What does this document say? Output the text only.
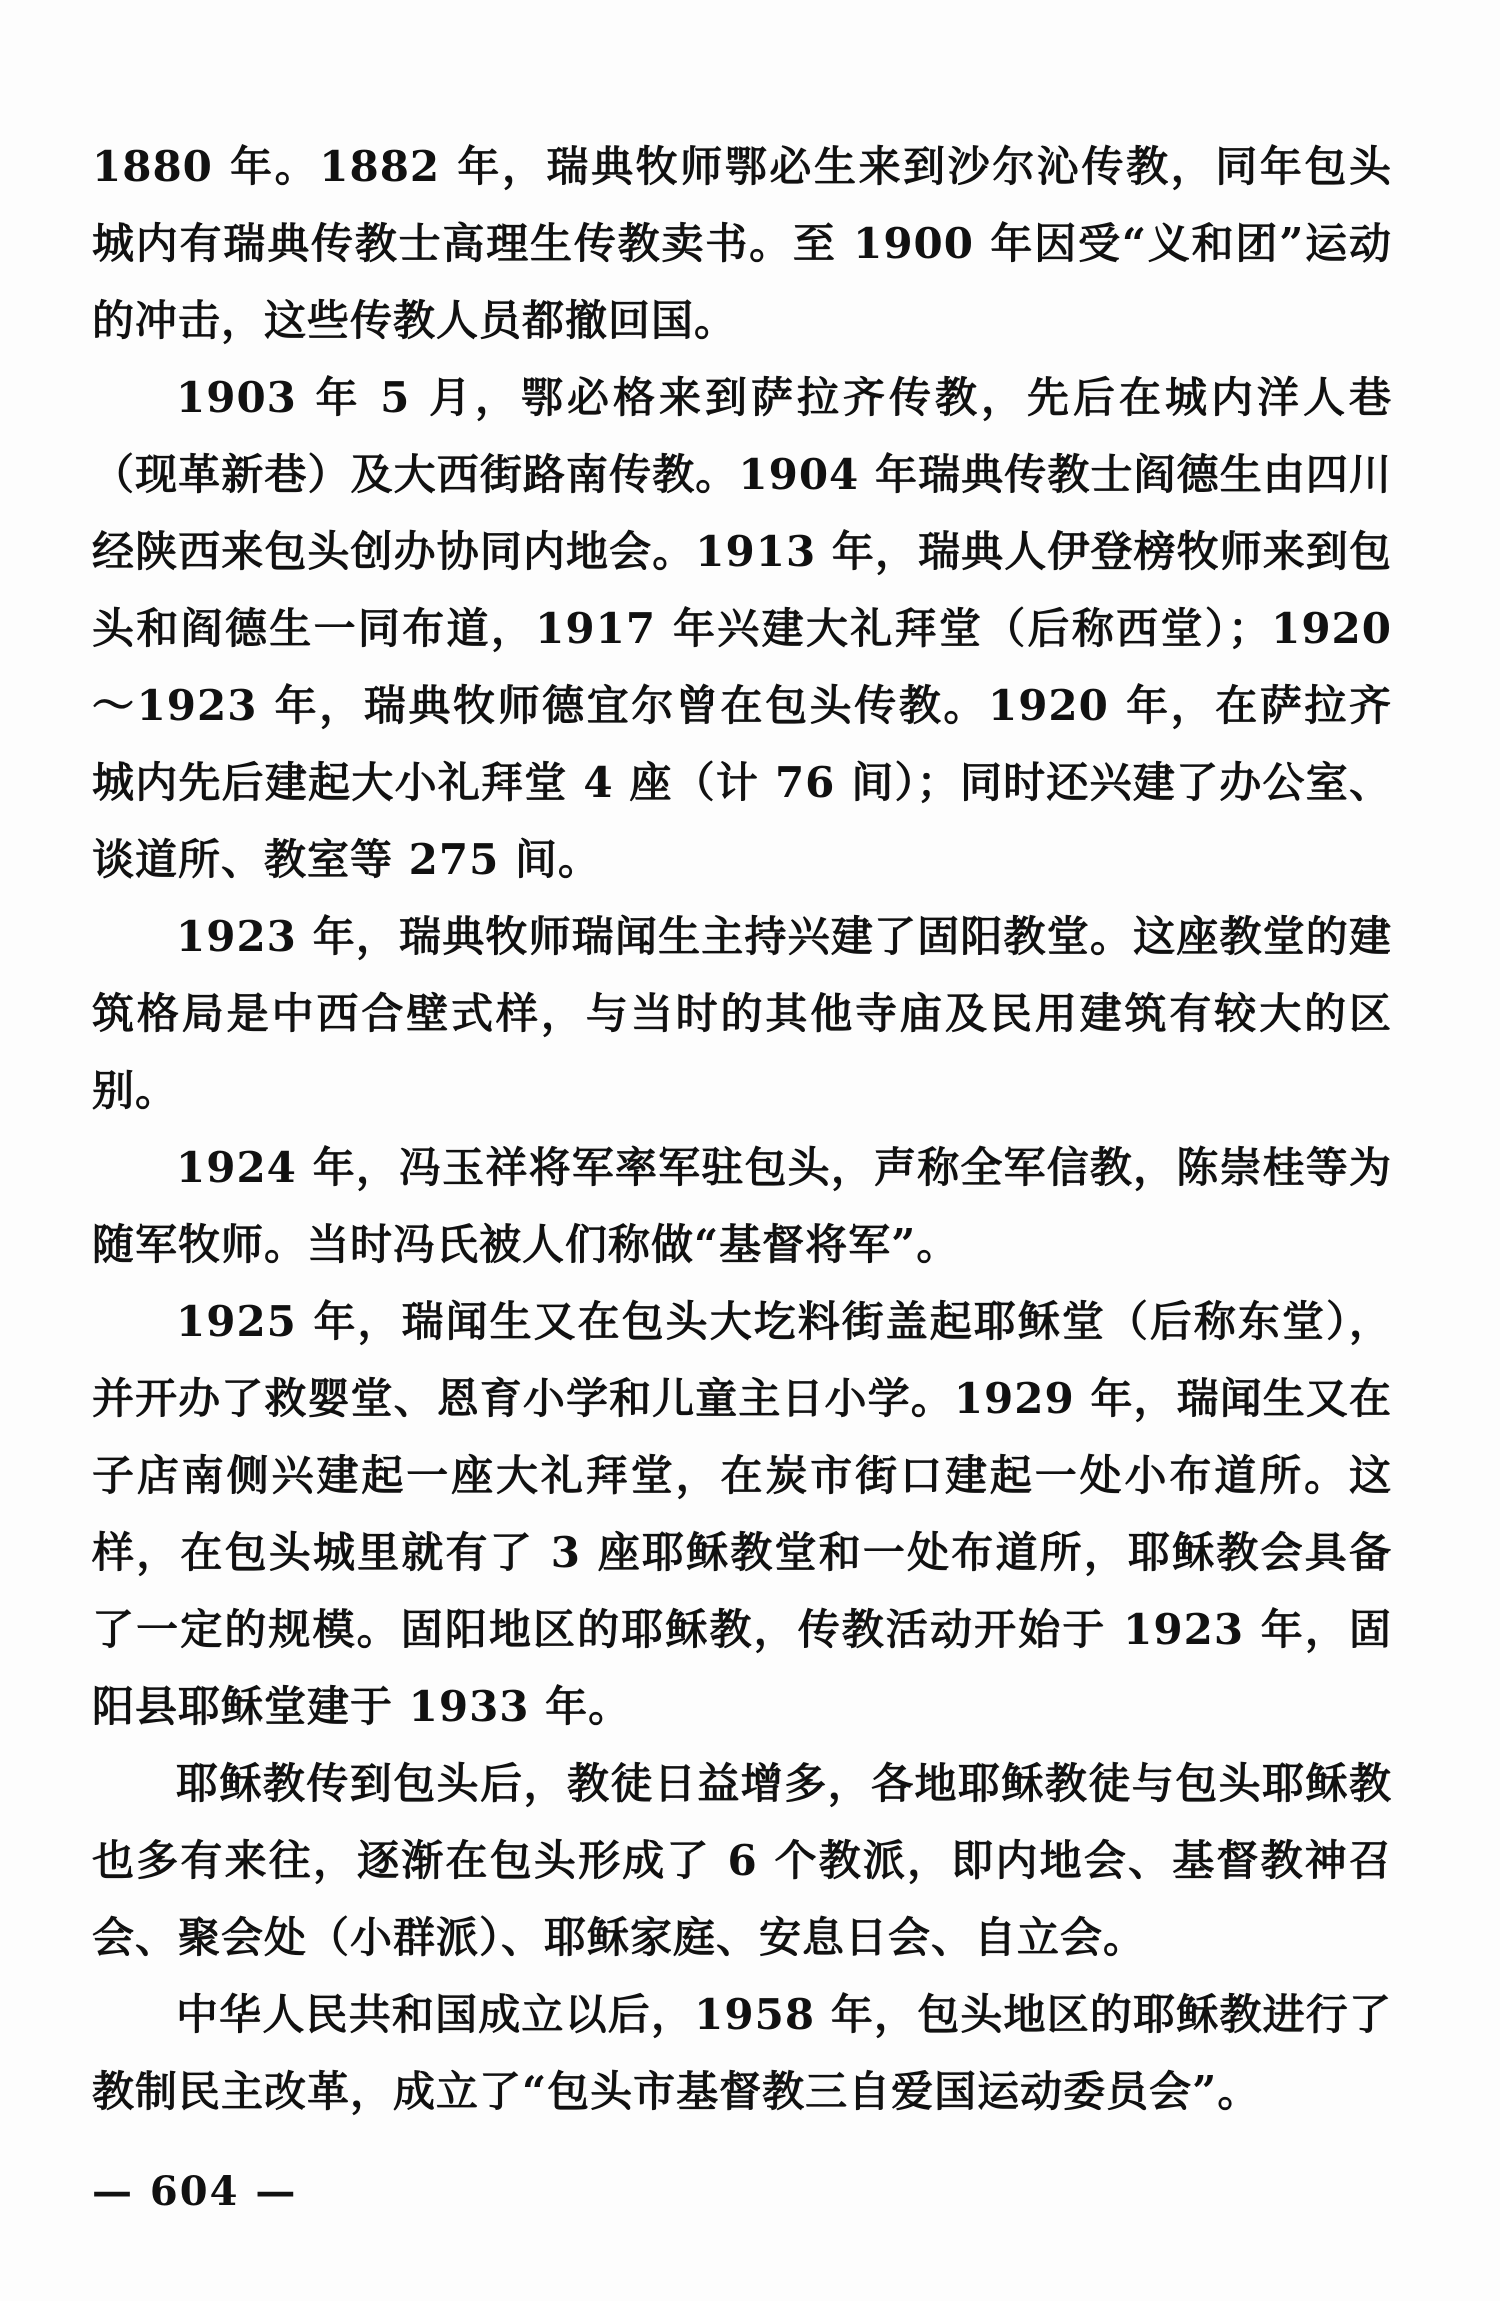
1880 年。1882 年，瑞典牧师鄂必生来到沙尔沁传教，同年包头城内有瑞典传教士高理生传教卖书。至 1900 年因受“义和团”运动的冲击，这些传教人员都撤回国。

1903 年 5 月，鄂必格来到萨拉齐传教，先后在城内洋人巷（现革新巷）及大西街路南传教。1904 年瑞典传教士阎德生由四川经陕西来包头创办协同内地会。1913 年，瑞典人伊登榜牧师来到包头和阎德生一同布道，1917 年兴建大礼拜堂（后称西堂）；1920～1923 年，瑞典牧师德宜尔曾在包头传教。1920 年，在萨拉齐城内先后建起大小礼拜堂 4 座（计 76 间）；同时还兴建了办公室、谈道所、教室等 275 间。

1923 年，瑞典牧师瑞闻生主持兴建了固阳教堂。这座教堂的建筑格局是中西合壁式样，与当时的其他寺庙及民用建筑有较大的区别。

1924 年，冯玉祥将军率军驻包头，声称全军信教，陈崇桂等为随军牧师。当时冯氏被人们称做“基督将军”。

1925 年，瑞闻生又在包头大圪料街盖起耶稣堂（后称东堂），并开办了救婴堂、恩育小学和儿童主日小学。1929 年，瑞闻生又在子店南侧兴建起一座大礼拜堂，在炭市街口建起一处小布道所。这样，在包头城里就有了 3 座耶稣教堂和一处布道所，耶稣教会具备了一定的规模。固阳地区的耶稣教，传教活动开始于 1923 年，固阳县耶稣堂建于 1933 年。

耶稣教传到包头后，教徒日益增多，各地耶稣教徒与包头耶稣教也多有来往，逐渐在包头形成了 6 个教派，即内地会、基督教神召会、聚会处（小群派）、耶稣家庭、安息日会、自立会。

中华人民共和国成立以后，1958 年，包头地区的耶稣教进行了教制民主改革，成立了“包头市基督教三自爱国运动委员会”。

— 604 —
